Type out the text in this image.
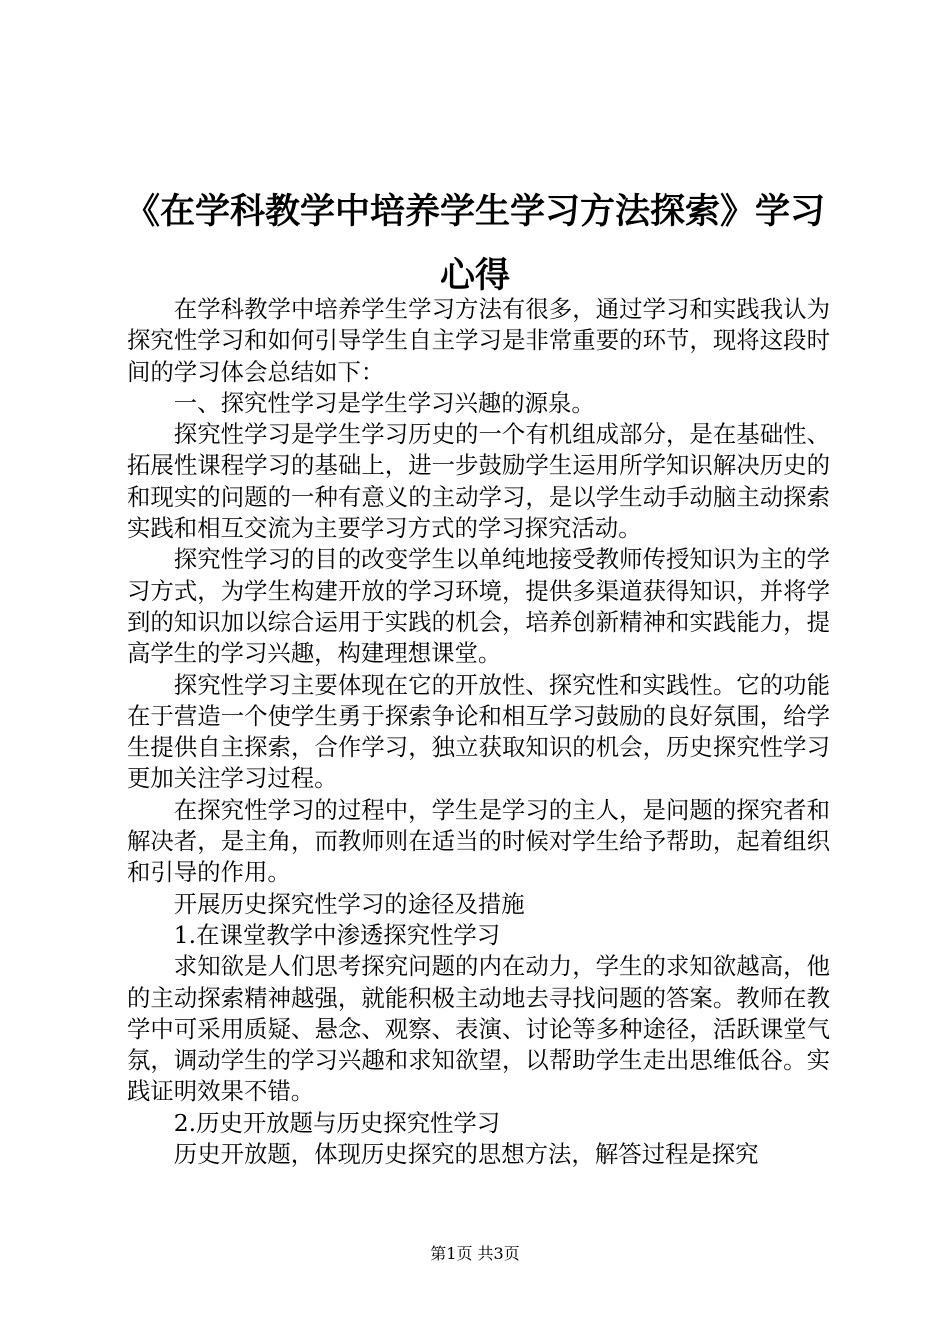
《在学科教学中培养学生学习方法探索》学习心得

在学科教学中培养学生学习方法有很多，通过学习和实践我认为探究性学习和如何引导学生自主学习是非常重要的环节，现将这段时间的学习体会总结如下：

一、探究性学习是学生学习兴趣的源泉。

探究性学习是学生学习历史的一个有机组成部分，是在基础性、拓展性课程学习的基础上，进一步鼓励学生运用所学知识解决历史的和现实的问题的一种有意义的主动学习，是以学生动手动脑主动探索实践和相互交流为主要学习方式的学习探究活动。

探究性学习的目的改变学生以单纯地接受教师传授知识为主的学习方式，为学生构建开放的学习环境，提供多渠道获得知识，并将学到的知识加以综合运用于实践的机会，培养创新精神和实践能力，提高学生的学习兴趣，构建理想课堂。

探究性学习主要体现在它的开放性、探究性和实践性。它的功能在于营造一个使学生勇于探索争论和相互学习鼓励的良好氛围，给学生提供自主探索，合作学习，独立获取知识的机会，历史探究性学习更加关注学习过程。

在探究性学习的过程中，学生是学习的主人，是问题的探究者和解决者，是主角，而教师则在适当的时候对学生给予帮助，起着组织和引导的作用。

开展历史探究性学习的途径及措施

1.在课堂教学中渗透探究性学习

求知欲是人们思考探究问题的内在动力，学生的求知欲越高，他的主动探索精神越强，就能积极主动地去寻找问题的答案。教师在教学中可采用质疑、悬念、观察、表演、讨论等多种途径，活跃课堂气氛，调动学生的学习兴趣和求知欲望，以帮助学生走出思维低谷。实践证明效果不错。

2.历史开放题与历史探究性学习

历史开放题，体现历史探究的思想方法，解答过程是探究

第1页 共3页
